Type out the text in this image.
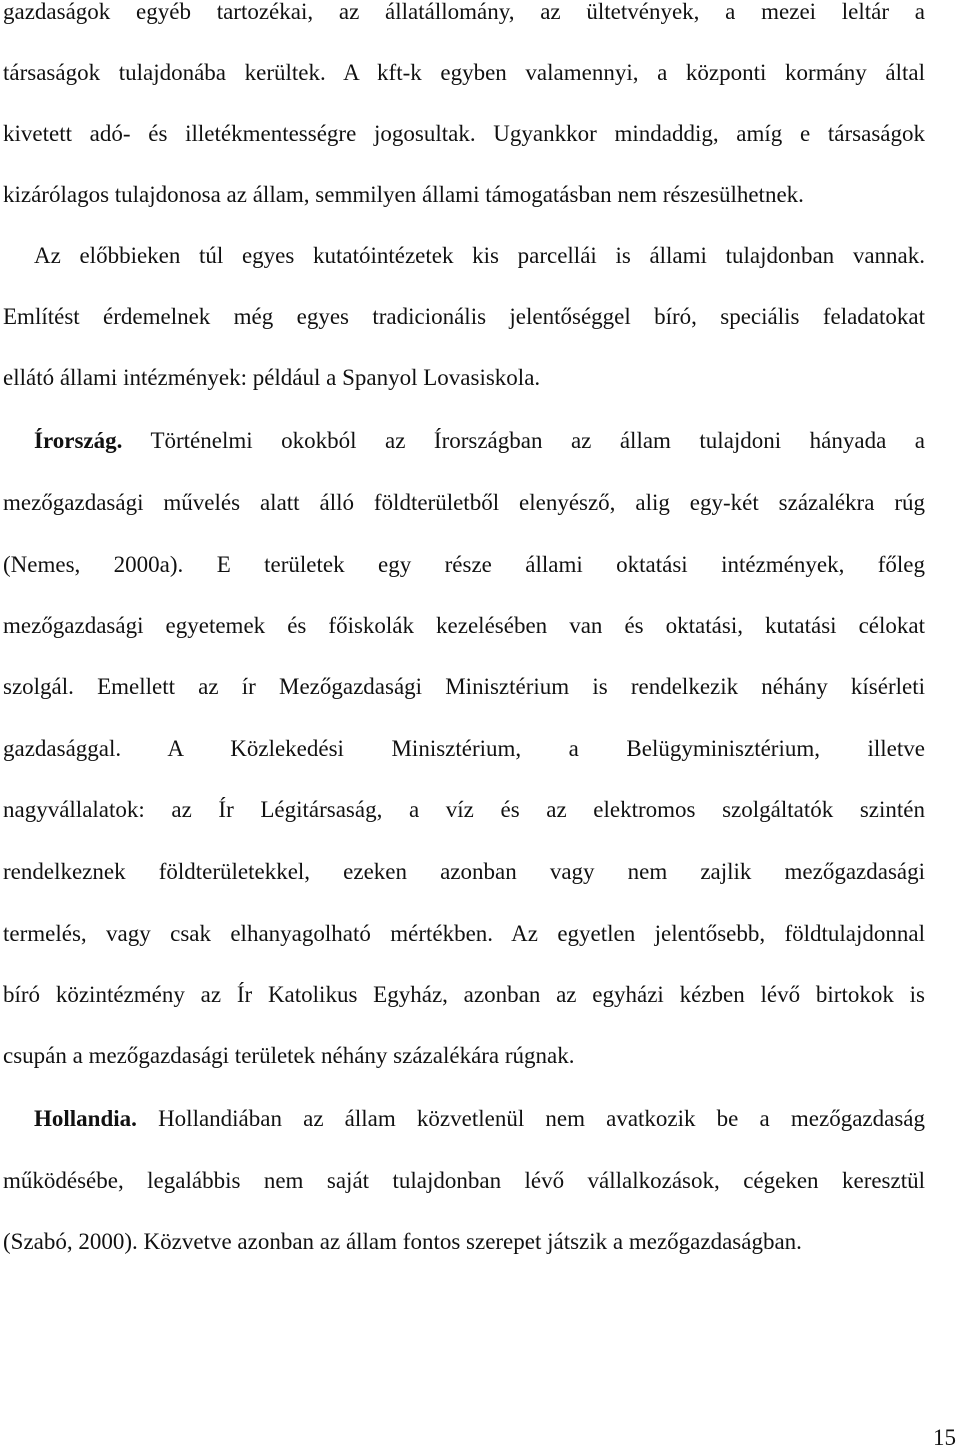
gazdaságok egyéb tartozékai, az állatállomány, az ültetvények, a mezei leltár a
társaságok tulajdonába kerültek. A kft-k egyben valamennyi, a központi kormány által
kivetett adó- és illetékmentességre jogosultak. Ugyankkor mindaddig, amíg e társaságok
kizárólagos tulajdonosa az állam, semmilyen állami támogatásban nem részesülhetnek.
Az előbbieken túl egyes kutatóintézetek kis parcellái is állami tulajdonban vannak.
Említést érdemelnek még egyes tradicionális jelentőséggel bíró, speciális feladatokat
ellátó állami intézmények: például a Spanyol Lovasiskola.
Írország. Történelmi okokból az Írországban az állam tulajdoni hányada a
mezőgazdasági művelés alatt álló földterületből elenyésző, alig egy-két százalékra rúg
(Nemes, 2000a). E területek egy része állami oktatási intézmények, főleg
mezőgazdasági egyetemek és főiskolák kezelésében van és oktatási, kutatási célokat
szolgál. Emellett az ír Mezőgazdasági Minisztérium is rendelkezik néhány kísérleti
gazdasággal. A Közlekedési Minisztérium, a Belügyminisztérium, illetve
nagyvállalatok: az Ír Légitársaság, a víz és az elektromos szolgáltatók szintén
rendelkeznek földterületekkel, ezeken azonban vagy nem zajlik mezőgazdasági
termelés, vagy csak elhanyagolható mértékben. Az egyetlen jelentősebb, földtulajdonnal
bíró közintézmény az Ír Katolikus Egyház, azonban az egyházi kézben lévő birtokok is
csupán a mezőgazdasági területek néhány százalékára rúgnak.
Hollandia. Hollandiában az állam közvetlenül nem avatkozik be a mezőgazdaság
működésébe, legalábbis nem saját tulajdonban lévő vállalkozások, cégeken keresztül
(Szabó, 2000). Közvetve azonban az állam fontos szerepet játszik a mezőgazdaságban.
15
